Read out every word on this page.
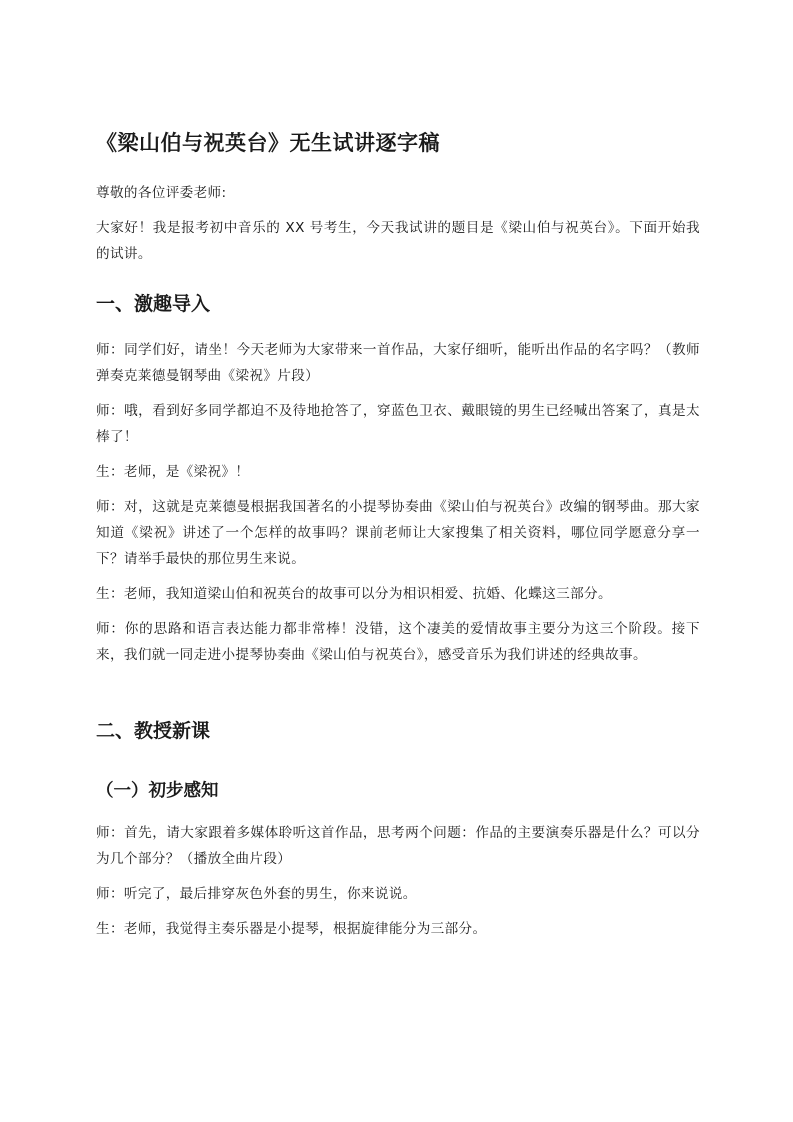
《梁山伯与祝英台》无生试讲逐字稿

尊敬的各位评委老师:

大家好！我是报考初中音乐的 XX 号考生，今天我试讲的题目是《梁山伯与祝英台》。下面开始我的试讲。

一、激趣导入

师：同学们好，请坐！今天老师为大家带来一首作品，大家仔细听，能听出作品的名字吗？（教师弹奏克莱德曼钢琴曲《梁祝》片段）

师：哦，看到好多同学都迫不及待地抢答了，穿蓝色卫衣、戴眼镜的男生已经喊出答案了，真是太棒了！

生：老师，是《梁祝》！

师：对，这就是克莱德曼根据我国著名的小提琴协奏曲《梁山伯与祝英台》改编的钢琴曲。那大家知道《梁祝》讲述了一个怎样的故事吗？课前老师让大家搜集了相关资料，哪位同学愿意分享一下？请举手最快的那位男生来说。

生：老师，我知道梁山伯和祝英台的故事可以分为相识相爱、抗婚、化蝶这三部分。

师：你的思路和语言表达能力都非常棒！没错，这个凄美的爱情故事主要分为这三个阶段。接下来，我们就一同走进小提琴协奏曲《梁山伯与祝英台》，感受音乐为我们讲述的经典故事。

二、教授新课
（一）初步感知

师：首先，请大家跟着多媒体聆听这首作品，思考两个问题：作品的主要演奏乐器是什么？可以分为几个部分？（播放全曲片段）

师：听完了，最后排穿灰色外套的男生，你来说说。

生：老师，我觉得主奏乐器是小提琴，根据旋律能分为三部分。
